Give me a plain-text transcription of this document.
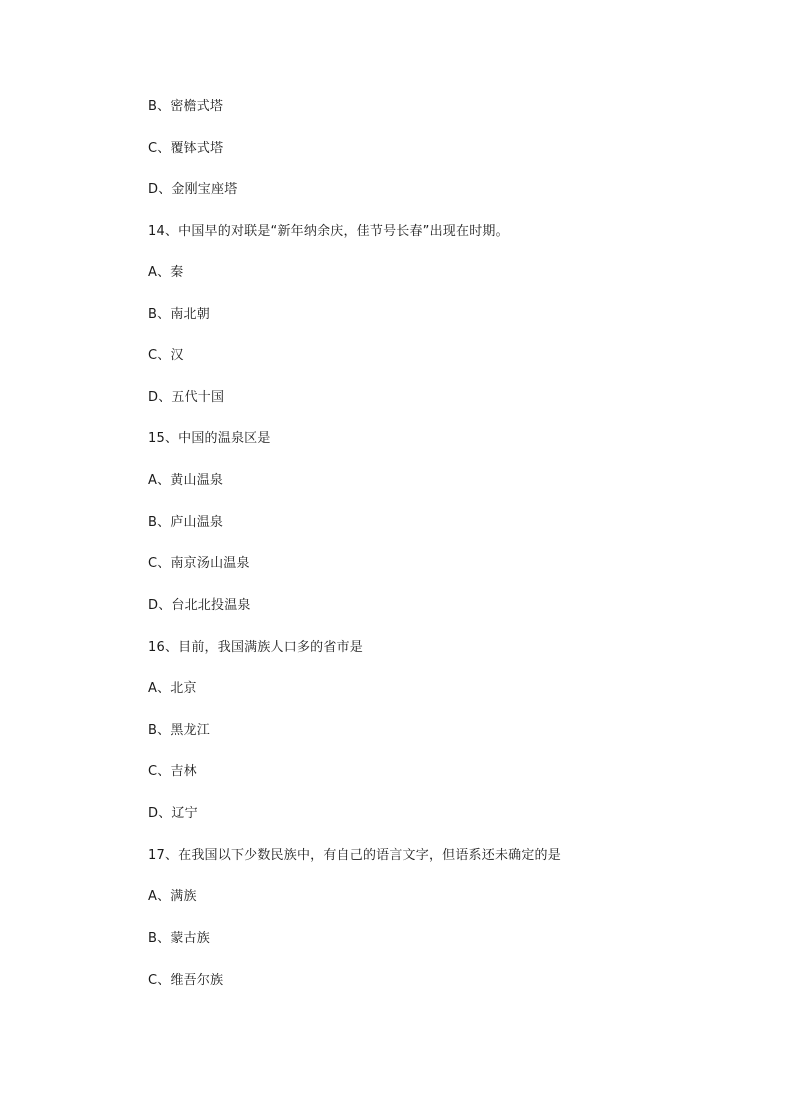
B、密檐式塔
C、覆钵式塔
D、金刚宝座塔
14、中国早的对联是“新年纳余庆，佳节号长春”出现在时期。
A、秦
B、南北朝
C、汉
D、五代十国
15、中国的温泉区是
A、黄山温泉
B、庐山温泉
C、南京汤山温泉
D、台北北投温泉
16、目前，我国满族人口多的省市是
A、北京
B、黑龙江
C、吉林
D、辽宁
17、在我国以下少数民族中，有自己的语言文字，但语系还未确定的是
A、满族
B、蒙古族
C、维吾尔族
